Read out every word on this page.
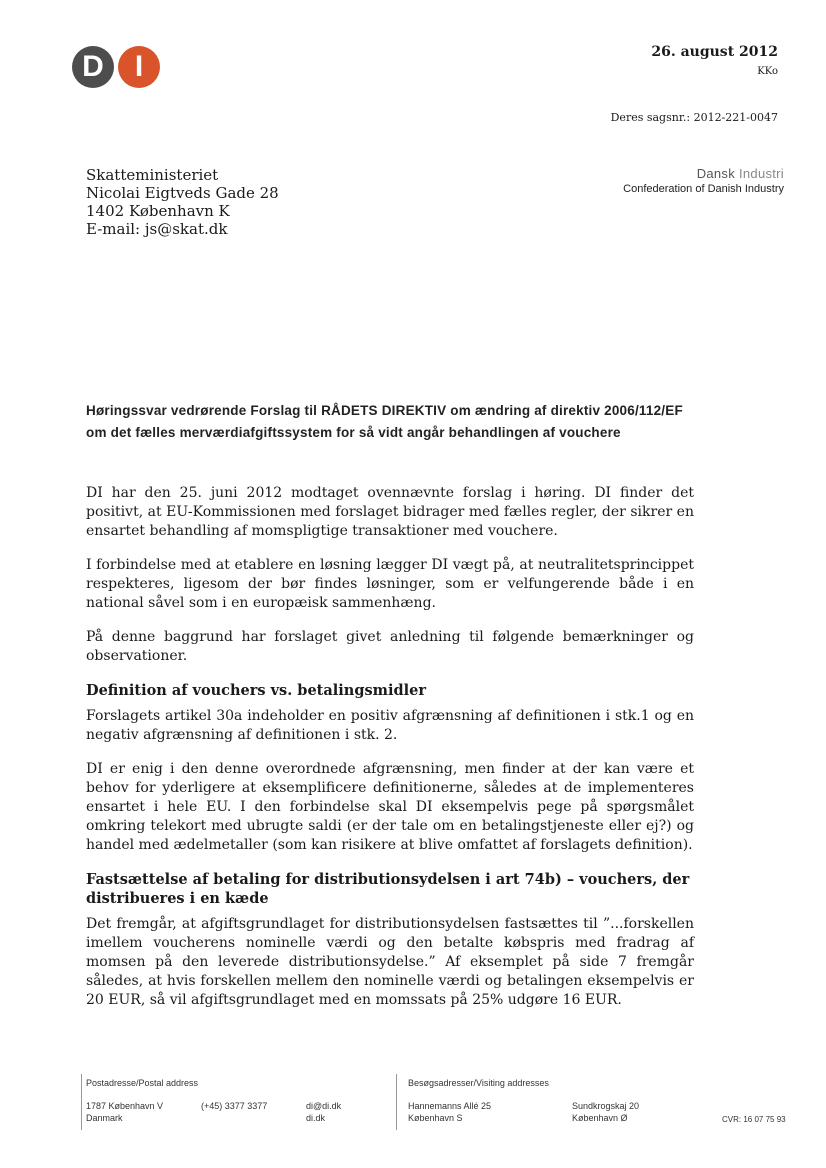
D	I	26. august 2012
KKo
Deres sagsnr.: 2012-221-0047
Skatteministeriet
Nicolai Eigtveds Gade 28
1402 København K
E-mail: js@skat.dk
Dansk Industri
Confederation of Danish Industry
Høringssvar vedrørende Forslag til RÅDETS DIREKTIV om ændring af direktiv 2006/112/EF om det fælles merværdiafgiftssystem for så vidt angår behandlingen af vouchere

DI har den 25. juni 2012 modtaget ovennævnte forslag i høring. DI finder det positivt, at EU-Kommissionen med forslaget bidrager med fælles regler, der sikrer en ensartet behandling af momspligtige transaktioner med vouchere.

I forbindelse med at etablere en løsning lægger DI vægt på, at neutralitetsprincippet respekteres, ligesom der bør findes løsninger, som er velfungerende både i en national såvel som i en europæisk sammenhæng.

På denne baggrund har forslaget givet anledning til følgende bemærkninger og observationer.

Definition af vouchers vs. betalingsmidler

Forslagets artikel 30a indeholder en positiv afgrænsning af definitionen i stk.1 og en negativ afgrænsning af definitionen i stk. 2.

DI er enig i den denne overordnede afgrænsning, men finder at der kan være et behov for yderligere at eksemplificere definitionerne, således at de implementeres ensartet i hele EU. I den forbindelse skal DI eksempelvis pege på spørgsmålet omkring telekort med ubrugte saldi (er der tale om en betalingstjeneste eller ej?) og handel med ædelmetaller (som kan risikere at blive omfattet af forslagets definition).

Fastsættelse af betaling for distributionsydelsen i art 74b) – vouchers, der distribueres i en kæde

Det fremgår, at afgiftsgrundlaget for distributionsydelsen fastsættes til ”...forskellen imellem voucherens nominelle værdi og den betalte købspris med fradrag af momsen på den leverede distributionsydelse.” Af eksemplet på side 7 fremgår således, at hvis forskellen mellem den nominelle værdi og betalingen eksempelvis er 20 EUR, så vil afgiftsgrundlaget med en momssats på 25% udgøre 16 EUR.

Postadresse/Postal address	Besøgsadresser/Visiting addresses
1787 København V
Danmark
(+45) 3377 3377	di@di.dk
di.dk
Hannemanns Allé 25
København S
Sundkrogskaj 20
København Ø	CVR: 16 07 75 93
